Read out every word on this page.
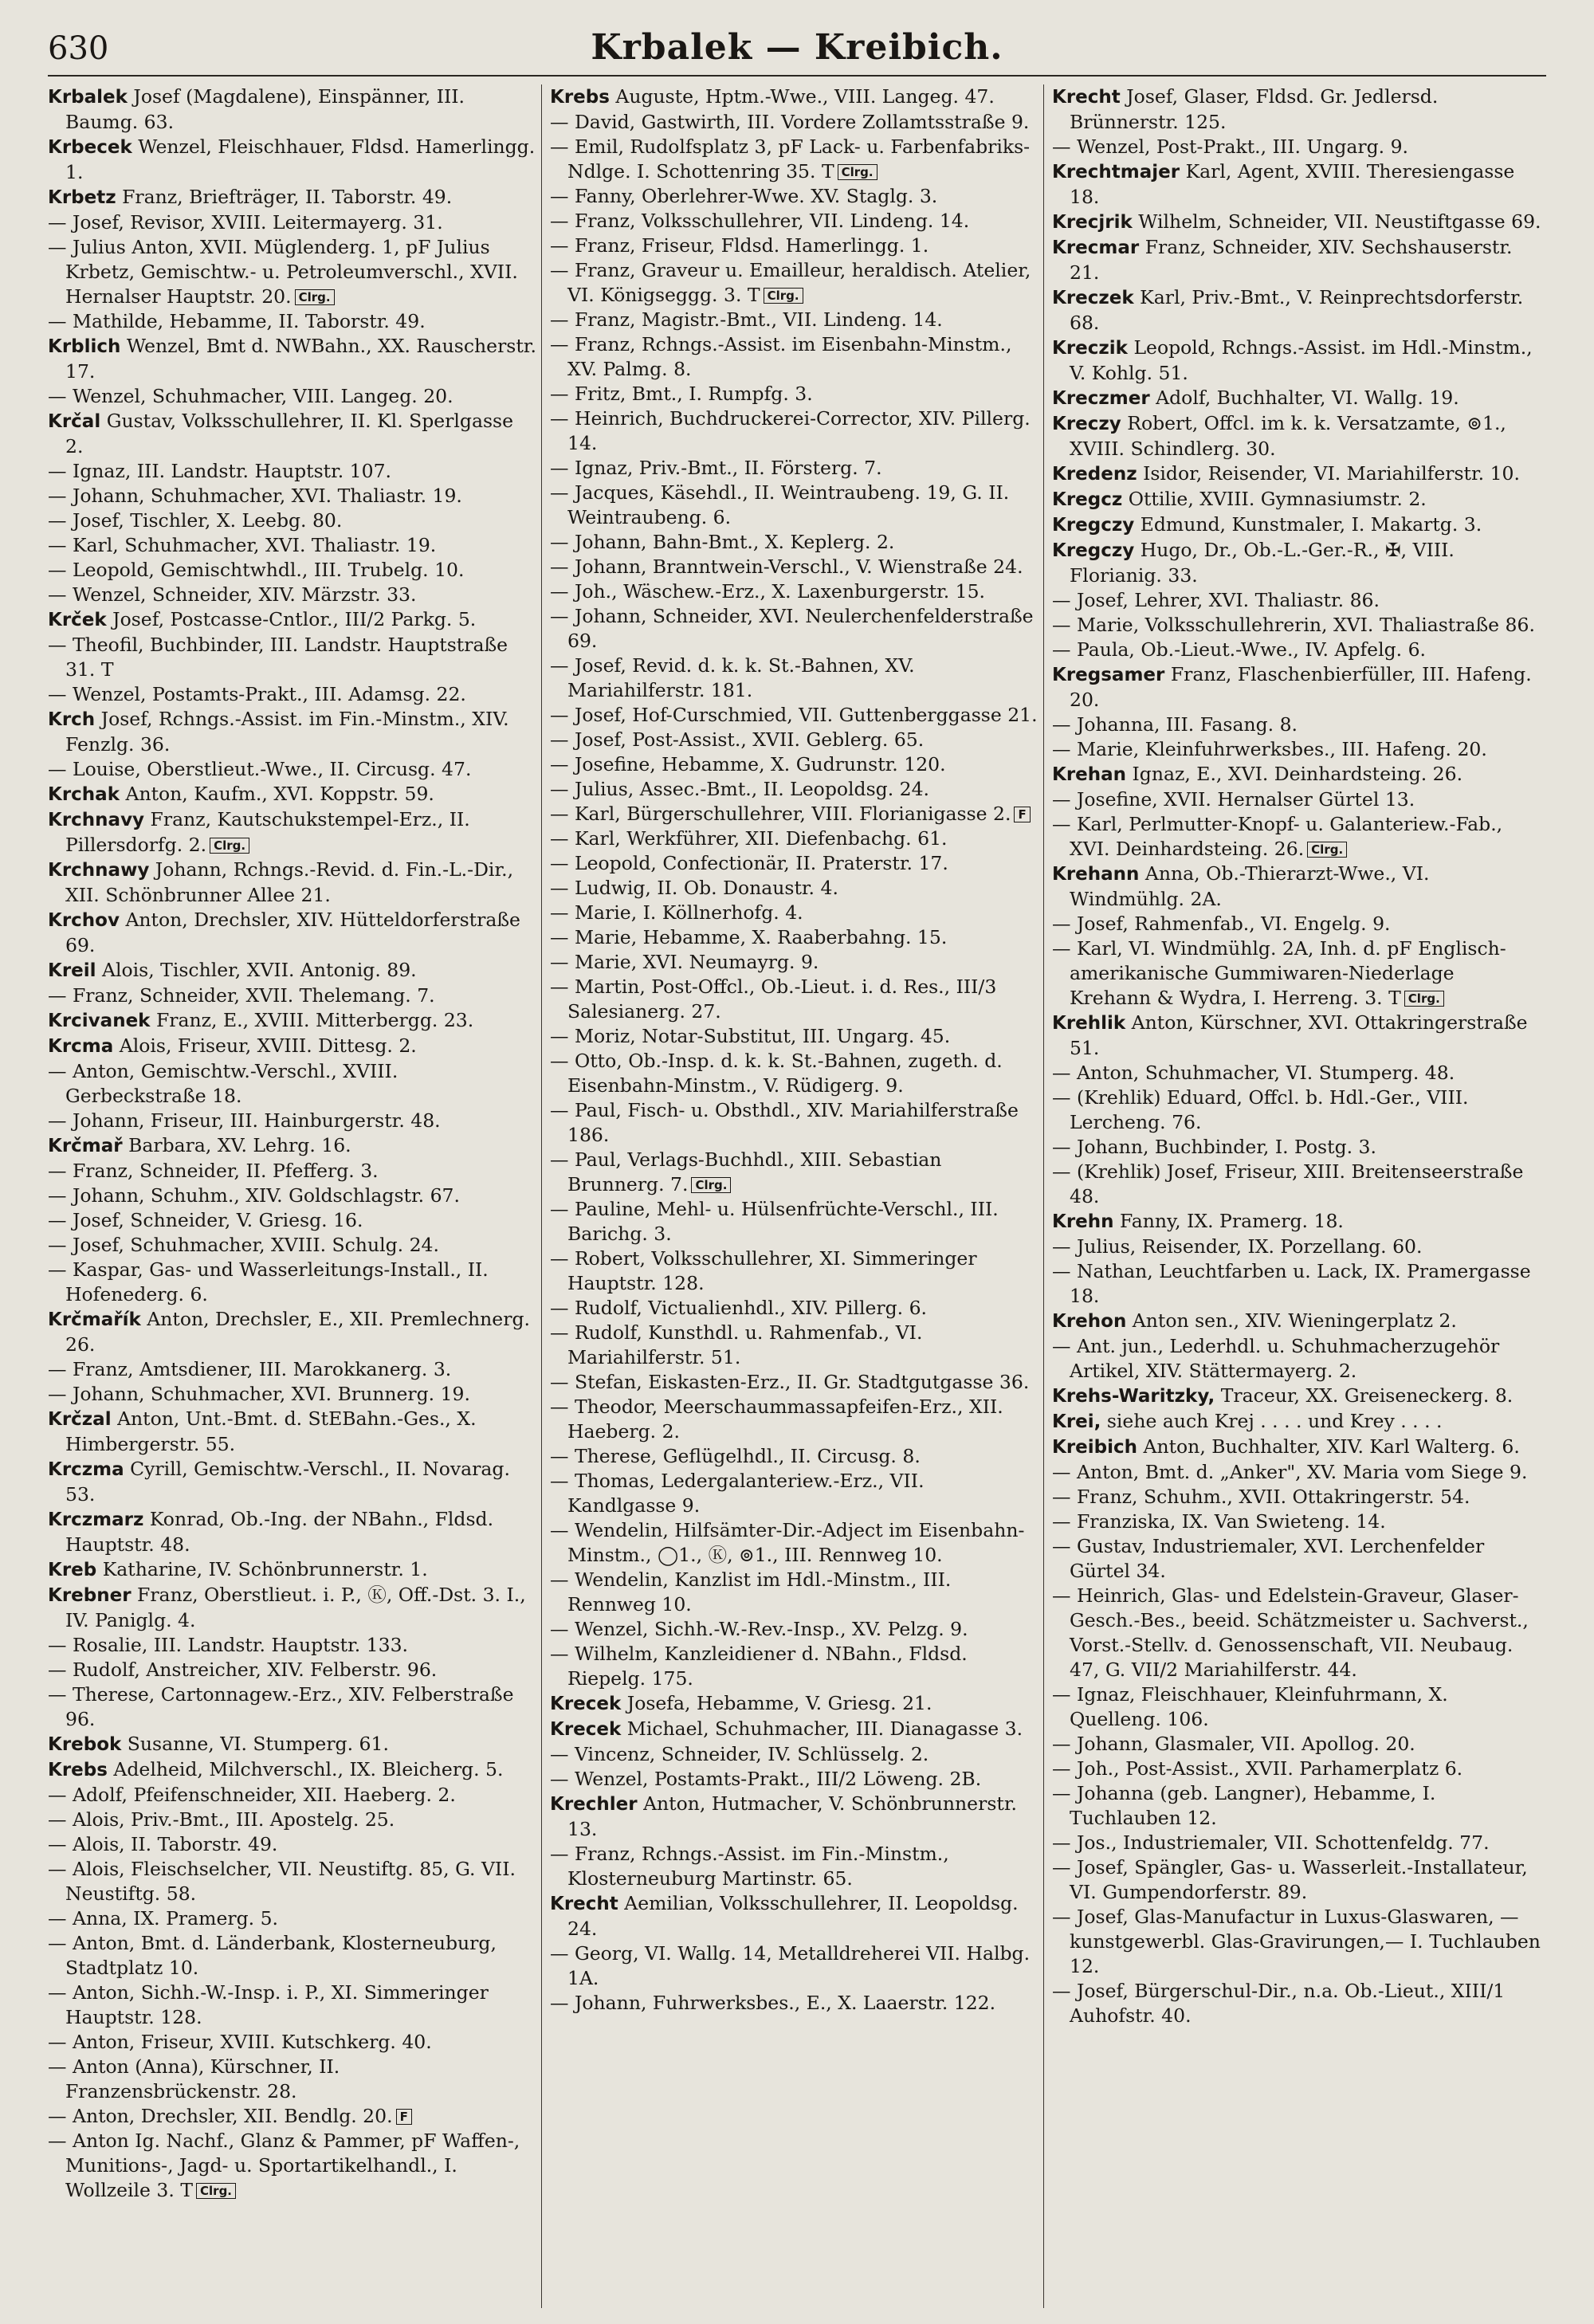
630	Krbalek — Kreibich.

Krbalek Josef (Magdalene), Einspänner, III. Baumg. 63.

Krbecek Wenzel, Fleischhauer, Fldsd. Hamerlingg. 1.

Krbetz Franz, Briefträger, II. Taborstr. 49.

— Josef, Revisor, XVIII. Leitermayerg. 31.

— Julius Anton, XVII. Müglenderg. 1, pF Julius Krbetz, Gemischtw.- u. Petroleumverschl., XVII. Hernalser Hauptstr. 20. Clrg.

— Mathilde, Hebamme, II. Taborstr. 49.

Krblich Wenzel, Bmt d. NWBahn., XX. Rauscherstr. 17.

— Wenzel, Schuhmacher, VIII. Langeg. 20.

Krčal Gustav, Volksschullehrer, II. Kl. Sperlgasse 2.

— Ignaz, III. Landstr. Hauptstr. 107.

— Johann, Schuhmacher, XVI. Thaliastr. 19.

— Josef, Tischler, X. Leebg. 80.

— Karl, Schuhmacher, XVI. Thaliastr. 19.

— Leopold, Gemischtwhdl., III. Trubelg. 10.

— Wenzel, Schneider, XIV. Märzstr. 33.

Krček Josef, Postcasse-Cntlor., III/2 Parkg. 5.

— Theofil, Buchbinder, III. Landstr. Hauptstraße 31. T

— Wenzel, Postamts-Prakt., III. Adamsg. 22.

Krch Josef, Rchngs.-Assist. im Fin.-Minstm., XIV. Fenzlg. 36.

— Louise, Oberstlieut.-Wwe., II. Circusg. 47.

Krchak Anton, Kaufm., XVI. Koppstr. 59.

Krchnavy Franz, Kautschukstempel-Erz., II. Pillersdorfg. 2. Clrg.

Krchnawy Johann, Rchngs.-Revid. d. Fin.-L.-Dir., XII. Schönbrunner Allee 21.

Krchov Anton, Drechsler, XIV. Hütteldorferstraße 69.

Kreil Alois, Tischler, XVII. Antonig. 89.

— Franz, Schneider, XVII. Thelemang. 7.

Krcivanek Franz, E., XVIII. Mitterbergg. 23.

Krcma Alois, Friseur, XVIII. Dittesg. 2.

— Anton, Gemischtw.-Verschl., XVIII. Gerbeckstraße 18.

— Johann, Friseur, III. Hainburgerstr. 48.

Krčmař Barbara, XV. Lehrg. 16.

— Franz, Schneider, II. Pfefferg. 3.

— Johann, Schuhm., XIV. Goldschlagstr. 67.

— Josef, Schneider, V. Griesg. 16.

— Josef, Schuhmacher, XVIII. Schulg. 24.

— Kaspar, Gas- und Wasserleitungs-Install., II. Hofenederg. 6.

Krčmařík Anton, Drechsler, E., XII. Premlechnerg. 26.

— Franz, Amtsdiener, III. Marokkanerg. 3.

— Johann, Schuhmacher, XVI. Brunnerg. 19.

Krčzal Anton, Unt.-Bmt. d. StEBahn.-Ges., X. Himbergerstr. 55.

Krczma Cyrill, Gemischtw.-Verschl., II. Novarag. 53.

Krczmarz Konrad, Ob.-Ing. der NBahn., Fldsd. Hauptstr. 48.

Kreb Katharine, IV. Schönbrunnerstr. 1.

Krebner Franz, Oberstlieut. i. P., Ⓚ, Off.-Dst. 3. I., IV. Paniglg. 4.

— Rosalie, III. Landstr. Hauptstr. 133.

— Rudolf, Anstreicher, XIV. Felberstr. 96.

— Therese, Cartonnagew.-Erz., XIV. Felberstraße 96.

Krebok Susanne, VI. Stumperg. 61.

Krebs Adelheid, Milchverschl., IX. Bleicherg. 5.

— Adolf, Pfeifenschneider, XII. Haeberg. 2.

— Alois, Priv.-Bmt., III. Apostelg. 25.

— Alois, II. Taborstr. 49.

— Alois, Fleischselcher, VII. Neustiftg. 85, G. VII. Neustiftg. 58.

— Anna, IX. Pramerg. 5.

— Anton, Bmt. d. Länderbank, Klosterneuburg, Stadtplatz 10.

— Anton, Sichh.-W.-Insp. i. P., XI. Simmeringer Hauptstr. 128.

— Anton, Friseur, XVIII. Kutschkerg. 40.

— Anton (Anna), Kürschner, II. Franzensbrückenstr. 28.

— Anton, Drechsler, XII. Bendlg. 20. F

— Anton Ig. Nachf., Glanz & Pammer, pF Waffen-, Munitions-, Jagd- u. Sportartikelhandl., I. Wollzeile 3. T Clrg.

Krebs Auguste, Hptm.-Wwe., VIII. Langeg. 47.

— David, Gastwirth, III. Vordere Zollamtsstraße 9.

— Emil, Rudolfsplatz 3, pF Lack- u. Farbenfabriks-Ndlge. I. Schottenring 35. T Clrg.

— Fanny, Oberlehrer-Wwe. XV. Staglg. 3.

— Franz, Volksschullehrer, VII. Lindeng. 14.

— Franz, Friseur, Fldsd. Hamerlingg. 1.

— Franz, Graveur u. Emailleur, heraldisch. Atelier, VI. Königseggg. 3. T Clrg.

— Franz, Magistr.-Bmt., VII. Lindeng. 14.

— Franz, Rchngs.-Assist. im Eisenbahn-Minstm., XV. Palmg. 8.

— Fritz, Bmt., I. Rumpfg. 3.

— Heinrich, Buchdruckerei-Corrector, XIV. Pillerg. 14.

— Ignaz, Priv.-Bmt., II. Försterg. 7.

— Jacques, Käsehdl., II. Weintraubeng. 19, G. II. Weintraubeng. 6.

— Johann, Bahn-Bmt., X. Keplerg. 2.

— Johann, Branntwein-Verschl., V. Wienstraße 24.

— Joh., Wäschew.-Erz., X. Laxenburgerstr. 15.

— Johann, Schneider, XVI. Neulerchenfelderstraße 69.

— Josef, Revid. d. k. k. St.-Bahnen, XV. Mariahilferstr. 181.

— Josef, Hof-Curschmied, VII. Guttenberggasse 21.

— Josef, Post-Assist., XVII. Geblerg. 65.

— Josefine, Hebamme, X. Gudrunstr. 120.

— Julius, Assec.-Bmt., II. Leopoldsg. 24.

— Karl, Bürgerschullehrer, VIII. Florianigasse 2. F

— Karl, Werkführer, XII. Diefenbachg. 61.

— Leopold, Confectionär, II. Praterstr. 17.

— Ludwig, II. Ob. Donaustr. 4.

— Marie, I. Köllnerhofg. 4.

— Marie, Hebamme, X. Raaberbahng. 15.

— Marie, XVI. Neumayrg. 9.

— Martin, Post-Offcl., Ob.-Lieut. i. d. Res., III/3 Salesianerg. 27.

— Moriz, Notar-Substitut, III. Ungarg. 45.

— Otto, Ob.-Insp. d. k. k. St.-Bahnen, zugeth. d. Eisenbahn-Minstm., V. Rüdigerg. 9.

— Paul, Fisch- u. Obsthdl., XIV. Mariahilferstraße 186.

— Paul, Verlags-Buchhdl., XIII. Sebastian Brunnerg. 7. Clrg.

— Pauline, Mehl- u. Hülsenfrüchte-Verschl., III. Barichg. 3.

— Robert, Volksschullehrer, XI. Simmeringer Hauptstr. 128.

— Rudolf, Victualienhdl., XIV. Pillerg. 6.

— Rudolf, Kunsthdl. u. Rahmenfab., VI. Mariahilferstr. 51.

— Stefan, Eiskasten-Erz., II. Gr. Stadtgutgasse 36.

— Theodor, Meerschaummassapfeifen-Erz., XII. Haeberg. 2.

— Therese, Geflügelhdl., II. Circusg. 8.

— Thomas, Ledergalanteriew.-Erz., VII. Kandlgasse 9.

— Wendelin, Hilfsämter-Dir.-Adject im Eisenbahn-Minstm., ◯1., Ⓚ, ⊚1., III. Rennweg 10.

— Wendelin, Kanzlist im Hdl.-Minstm., III. Rennweg 10.

— Wenzel, Sichh.-W.-Rev.-Insp., XV. Pelzg. 9.

— Wilhelm, Kanzleidiener d. NBahn., Fldsd. Riepelg. 175.

Krecek Josefa, Hebamme, V. Griesg. 21.

Krecek Michael, Schuhmacher, III. Dianagasse 3.

— Vincenz, Schneider, IV. Schlüsselg. 2.

— Wenzel, Postamts-Prakt., III/2 Löweng. 2B.

Krechler Anton, Hutmacher, V. Schönbrunnerstr. 13.

— Franz, Rchngs.-Assist. im Fin.-Minstm., Klosterneuburg Martinstr. 65.

Krecht Aemilian, Volksschullehrer, II. Leopoldsg. 24.

— Georg, VI. Wallg. 14, Metalldreherei VII. Halbg. 1A.

— Johann, Fuhrwerksbes., E., X. Laaerstr. 122.

Krecht Josef, Glaser, Fldsd. Gr. Jedlersd. Brünnerstr. 125.

— Wenzel, Post-Prakt., III. Ungarg. 9.

Krechtmajer Karl, Agent, XVIII. Theresiengasse 18.

Krecjrik Wilhelm, Schneider, VII. Neustiftgasse 69.

Krecmar Franz, Schneider, XIV. Sechshauserstr. 21.

Kreczek Karl, Priv.-Bmt., V. Reinprechtsdorferstr. 68.

Kreczik Leopold, Rchngs.-Assist. im Hdl.-Minstm., V. Kohlg. 51.

Kreczmer Adolf, Buchhalter, VI. Wallg. 19.

Kreczy Robert, Offcl. im k. k. Versatzamte, ⊚1., XVIII. Schindlerg. 30.

Kredenz Isidor, Reisender, VI. Mariahilferstr. 10.

Kregcz Ottilie, XVIII. Gymnasiumstr. 2.

Kregczy Edmund, Kunstmaler, I. Makartg. 3.

Kregczy Hugo, Dr., Ob.-L.-Ger.-R., ✠, VIII. Florianig. 33.

— Josef, Lehrer, XVI. Thaliastr. 86.

— Marie, Volksschullehrerin, XVI. Thaliastraße 86.

— Paula, Ob.-Lieut.-Wwe., IV. Apfelg. 6.

Kregsamer Franz, Flaschenbierfüller, III. Hafeng. 20.

— Johanna, III. Fasang. 8.

— Marie, Kleinfuhrwerksbes., III. Hafeng. 20.

Krehan Ignaz, E., XVI. Deinhardsteing. 26.

— Josefine, XVII. Hernalser Gürtel 13.

— Karl, Perlmutter-Knopf- u. Galanteriew.-Fab., XVI. Deinhardsteing. 26. Clrg.

Krehann Anna, Ob.-Thierarzt-Wwe., VI. Windmühlg. 2A.

— Josef, Rahmenfab., VI. Engelg. 9.

— Karl, VI. Windmühlg. 2A, Inh. d. pF Englisch-amerikanische Gummiwaren-Niederlage Krehann & Wydra, I. Herreng. 3. T Clrg.

Krehlik Anton, Kürschner, XVI. Ottakringerstraße 51.

— Anton, Schuhmacher, VI. Stumperg. 48.

— (Krehlik) Eduard, Offcl. b. Hdl.-Ger., VIII. Lercheng. 76.

— Johann, Buchbinder, I. Postg. 3.

— (Krehlik) Josef, Friseur, XIII. Breitenseerstraße 48.

Krehn Fanny, IX. Pramerg. 18.

— Julius, Reisender, IX. Porzellang. 60.

— Nathan, Leuchtfarben u. Lack, IX. Pramergasse 18.

Krehon Anton sen., XIV. Wieningerplatz 2.

— Ant. jun., Lederhdl. u. Schuhmacherzugehör Artikel, XIV. Stättermayerg. 2.

Krehs-Waritzky, Traceur, XX. Greiseneckerg. 8.

Krei, siehe auch Krej . . . . und Krey . . . .

Kreibich Anton, Buchhalter, XIV. Karl Walterg. 6.

— Anton, Bmt. d. „Anker", XV. Maria vom Siege 9.

— Franz, Schuhm., XVII. Ottakringerstr. 54.

— Franziska, IX. Van Swieteng. 14.

— Gustav, Industriemaler, XVI. Lerchenfelder Gürtel 34.

— Heinrich, Glas- und Edelstein-Graveur, Glaser-Gesch.-Bes., beeid. Schätzmeister u. Sachverst., Vorst.-Stellv. d. Genossenschaft, VII. Neubaug. 47, G. VII/2 Mariahilferstr. 44.

— Ignaz, Fleischhauer, Kleinfuhrmann, X. Quelleng. 106.

— Johann, Glasmaler, VII. Apollog. 20.

— Joh., Post-Assist., XVII. Parhamerplatz 6.

— Johanna (geb. Langner), Hebamme, I. Tuchlauben 12.

— Jos., Industriemaler, VII. Schottenfeldg. 77.

— Josef, Spängler, Gas- u. Wasserleit.-Installateur, VI. Gumpendorferstr. 89.

— Josef, Glas-Manufactur in Luxus-Glaswaren, —kunstgewerbl. Glas-Gravirungen,— I. Tuchlauben 12.

— Josef, Bürgerschul-Dir., n.a. Ob.-Lieut., XIII/1 Auhofstr. 40.
